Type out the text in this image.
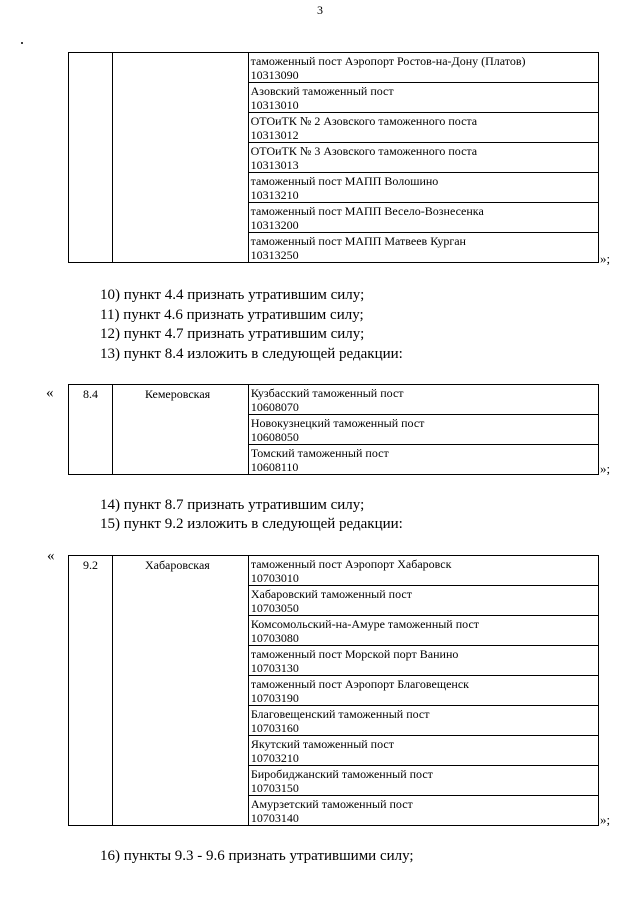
3

таможенный пост Аэропорт Ростов-на-Дону (Платов)
10313090

Азовский таможенный пост
10313010

ОТОиТК № 2 Азовского таможенного поста
10313012

ОТОиТК № 3 Азовского таможенного поста
10313013

таможенный пост МАПП Волошино
10313210

таможенный пост МАПП Весело-Вознесенка
10313200

таможенный пост МАПП Матвеев Курган
10313250	»;
10) пункт 4.4 признать утратившим силу;
11) пункт 4.6 признать утратившим силу;
12) пункт 4.7 признать утратившим силу;
13) пункт 8.4 изложить в следующей редакции:
« 8.4	Кемеровская	Кузбасский таможенный пост
10608070

Новокузнецкий таможенный пост
10608050

Томский таможенный пост
10608110	»;
14) пункт 8.7 признать утратившим силу;
15) пункт 9.2 изложить в следующей редакции:
«
9.2	Хабаровская	таможенный пост Аэропорт Хабаровск
10703010

Хабаровский таможенный пост
10703050

Комсомольский-на-Амуре таможенный пост
10703080

таможенный пост Морской порт Ванино
10703130

таможенный пост Аэропорт Благовещенск
10703190

Благовещенский таможенный пост
10703160

Якутский таможенный пост
10703210

Биробиджанский таможенный пост
10703150

Амурзетский таможенный пост
10703140	»;
16) пункты 9.3 - 9.6 признать утратившими силу;
